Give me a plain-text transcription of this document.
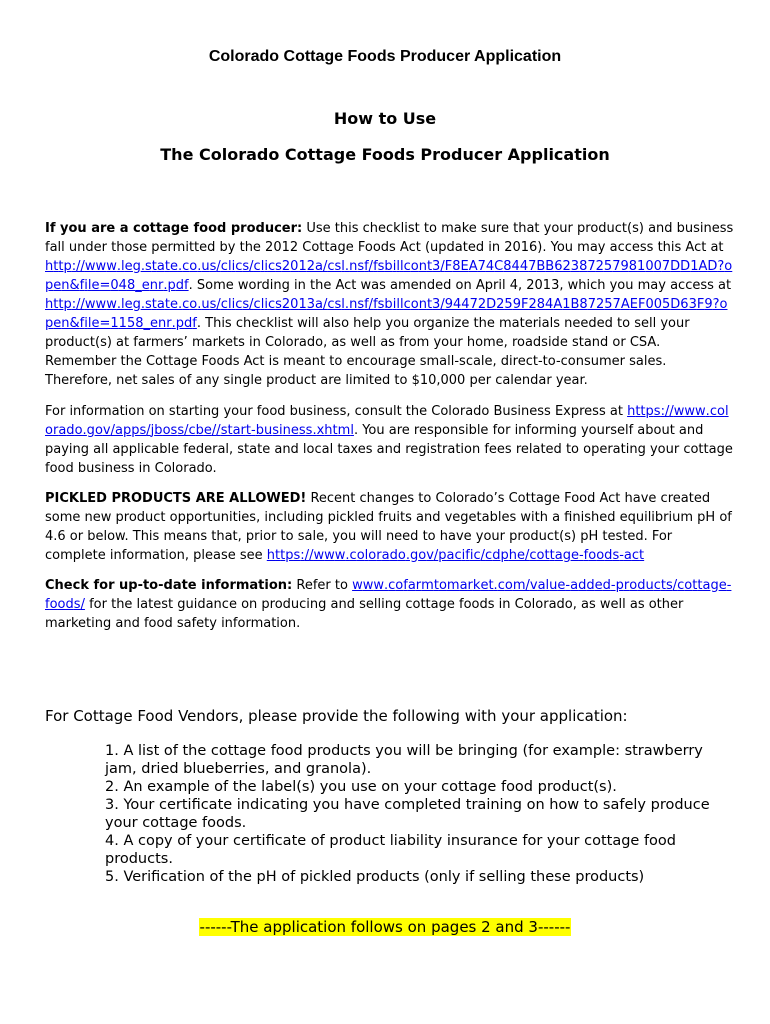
Colorado Cottage Foods Producer Application
How to Use
The Colorado Cottage Foods Producer Application

If you are a cottage food producer: Use this checklist to make sure that your product(s) and business fall under those permitted by the 2012 Cottage Foods Act (updated in 2016). You may access this Act at http://www.leg.state.co.us/clics/clics2012a/csl.nsf/fsbillcont3/F8EA74C8447BB62387257981007DD1AD?open&file=048_enr.pdf. Some wording in the Act was amended on April 4, 2013, which you may access at http://www.leg.state.co.us/clics/clics2013a/csl.nsf/fsbillcont3/94472D259F284A1B87257AEF005D63F9?open&file=1158_enr.pdf. This checklist will also help you organize the materials needed to sell your product(s) at farmers’ markets in Colorado, as well as from your home, roadside stand or CSA. Remember the Cottage Foods Act is meant to encourage small-scale, direct-to-consumer sales. Therefore, net sales of any single product are limited to $10,000 per calendar year.

For information on starting your food business, consult the Colorado Business Express at https://www.colorado.gov/apps/jboss/cbe//start-business.xhtml. You are responsible for informing yourself about and paying all applicable federal, state and local taxes and registration fees related to operating your cottage food business in Colorado.

PICKLED PRODUCTS ARE ALLOWED! Recent changes to Colorado’s Cottage Food Act have created some new product opportunities, including pickled fruits and vegetables with a finished equilibrium pH of 4.6 or below. This means that, prior to sale, you will need to have your product(s) pH tested. For complete information, please see https://www.colorado.gov/pacific/cdphe/cottage-foods-act

Check for up-to-date information: Refer to www.cofarmtomarket.com/value-added-products/cottage-foods/ for the latest guidance on producing and selling cottage foods in Colorado, as well as other marketing and food safety information.

For Cottage Food Vendors, please provide the following with your application:
1. A list of the cottage food products you will be bringing (for example: strawberry jam, dried blueberries, and granola).
2. An example of the label(s) you use on your cottage food product(s).
3. Your certificate indicating you have completed training on how to safely produce your cottage foods.
4. A copy of your certificate of product liability insurance for your cottage food products.
5. Verification of the pH of pickled products (only if selling these products)
------The application follows on pages 2 and 3------
